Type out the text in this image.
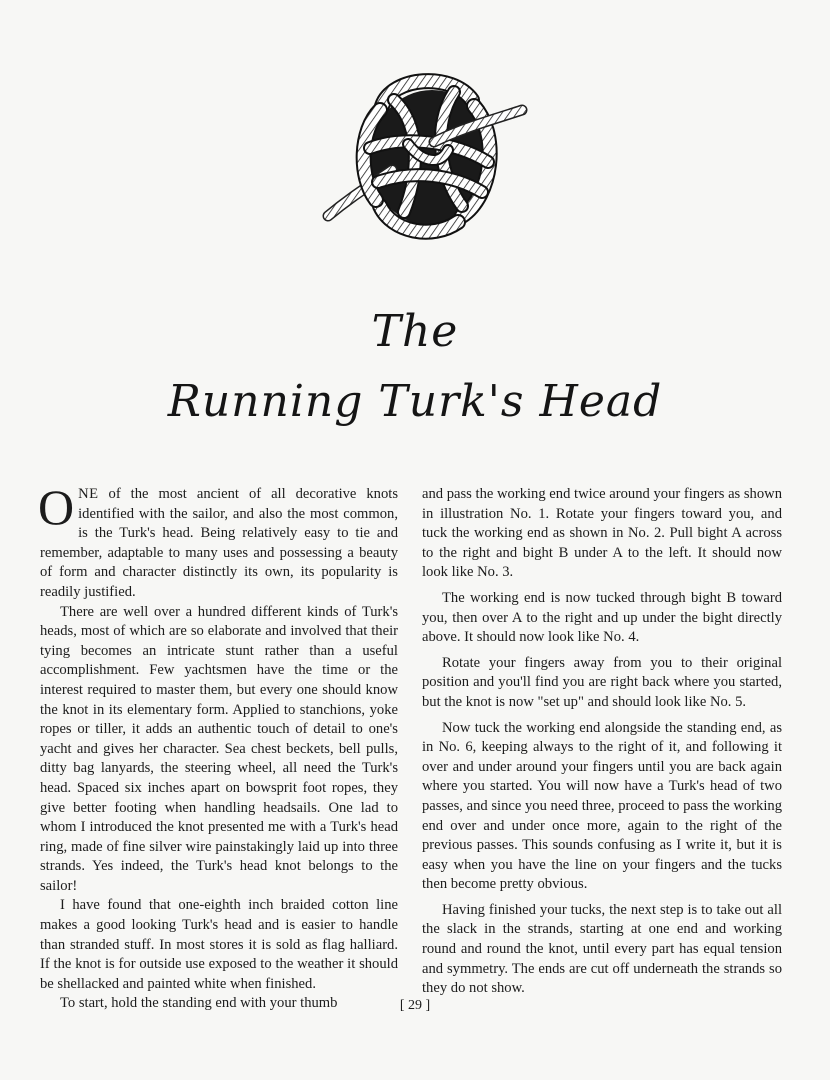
The
Running Turk's Head

ONE of the most ancient of all decorative knots identified with the sailor, and also the most common, is the Turk's head. Being relatively easy to tie and remember, adaptable to many uses and possessing a beauty of form and character distinctly its own, its popularity is readily justified.

There are well over a hundred different kinds of Turk's heads, most of which are so elaborate and involved that their tying becomes an intricate stunt rather than a useful accomplishment. Few yachtsmen have the time or the interest required to master them, but every one should know the knot in its elementary form. Applied to stanchions, yoke ropes or tiller, it adds an authentic touch of detail to one's yacht and gives her character. Sea chest beckets, bell pulls, ditty bag lanyards, the steering wheel, all need the Turk's head. Spaced six inches apart on bowsprit foot ropes, they give better footing when handling headsails. One lad to whom I introduced the knot presented me with a Turk's head ring, made of fine silver wire painstakingly laid up into three strands. Yes indeed, the Turk's head knot belongs to the sailor!

I have found that one-eighth inch braided cotton line makes a good looking Turk's head and is easier to handle than stranded stuff. In most stores it is sold as flag halliard. If the knot is for outside use exposed to the weather it should be shellacked and painted white when finished.

To start, hold the standing end with your thumb

and pass the working end twice around your fingers as shown in illustration No. 1. Rotate your fingers toward you, and tuck the working end as shown in No. 2. Pull bight A across to the right and bight B under A to the left. It should now look like No. 3.

The working end is now tucked through bight B toward you, then over A to the right and up under the bight directly above. It should now look like No. 4.

Rotate your fingers away from you to their original position and you'll find you are right back where you started, but the knot is now "set up" and should look like No. 5.

Now tuck the working end alongside the standing end, as in No. 6, keeping always to the right of it, and following it over and under around your fingers until you are back again where you started. You will now have a Turk's head of two passes, and since you need three, proceed to pass the working end over and under once more, again to the right of the previous passes. This sounds confusing as I write it, but it is easy when you have the line on your fingers and the tucks then become pretty obvious.

Having finished your tucks, the next step is to take out all the slack in the strands, starting at one end and working round and round the knot, until every part has equal tension and symmetry. The ends are cut off underneath the strands so they do not show.

[ 29 ]
